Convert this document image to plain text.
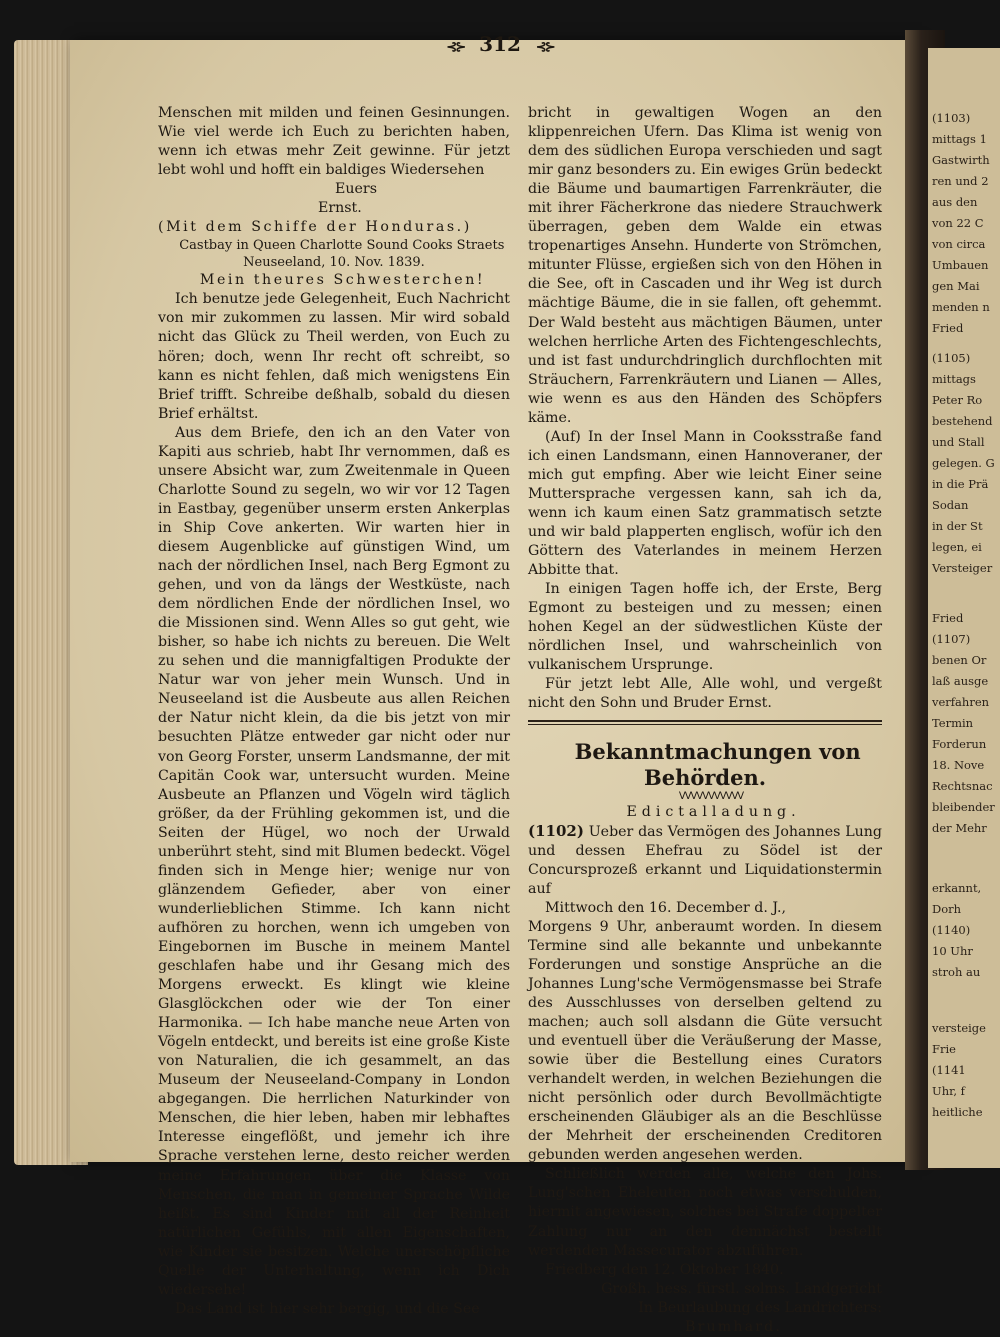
(1103)
mittags 1
Gastwirth
ren und 2
aus den
von 22 C
von circa
Umbauen
gen Mai
menden n
Fried
(1105)
mittags
Peter Ro
bestehend
und Stall
gelegen. G
in die Prä
Sodan
in der St
legen, ei
Versteiger
Fried
(1107)
benen Or
laß ausge
verfahren
Termin
Forderun
18. Nove
Rechtsnac
bleibender
der Mehr
erkannt,
Dorh
(1140)
10 Uhr
stroh au
versteige
Frie
(1141
Uhr, f
heitliche
⊰⊱ 312 ⊰⊱

Menschen mit milden und feinen Gesinnungen. Wie viel werde ich Euch zu berichten haben, wenn ich etwas mehr Zeit gewinne. Für jetzt lebt wohl und hofft ein baldiges Wiedersehen

EuersErnst.

(Mit dem Schiffe der Honduras.)

Castbay in Queen Charlotte Sound Cooks Straets Neuseeland, 10. Nov. 1839.

Mein theures Schwesterchen!

Ich benutze jede Gelegenheit, Euch Nachricht von mir zukommen zu lassen. Mir wird sobald nicht das Glück zu Theil werden, von Euch zu hören; doch, wenn Ihr recht oft schreibt, so kann es nicht fehlen, daß mich wenigstens Ein Brief trifft. Schreibe deßhalb, sobald du diesen Brief erhältst.

Aus dem Briefe, den ich an den Vater von Kapiti aus schrieb, habt Ihr vernommen, daß es unsere Absicht war, zum Zweitenmale in Queen Charlotte Sound zu segeln, wo wir vor 12 Tagen in Eastbay, gegenüber unserm ersten Ankerplas in Ship Cove ankerten. Wir warten hier in diesem Augenblicke auf günstigen Wind, um nach der nördlichen Insel, nach Berg Egmont zu gehen, und von da längs der Westküste, nach dem nördlichen Ende der nördlichen Insel, wo die Missionen sind. Wenn Alles so gut geht, wie bisher, so habe ich nichts zu bereuen. Die Welt zu sehen und die mannigfaltigen Produkte der Natur war von jeher mein Wunsch. Und in Neuseeland ist die Ausbeute aus allen Reichen der Natur nicht klein, da die bis jetzt von mir besuchten Plätze entweder gar nicht oder nur von Georg Forster, unserm Landsmanne, der mit Capitän Cook war, untersucht wurden. Meine Ausbeute an Pflanzen und Vögeln wird täglich größer, da der Frühling gekommen ist, und die Seiten der Hügel, wo noch der Urwald unberührt steht, sind mit Blumen bedeckt. Vögel finden sich in Menge hier; wenige nur von glänzendem Gefieder, aber von einer wunderlieblichen Stimme. Ich kann nicht aufhören zu horchen, wenn ich umgeben von Eingebornen im Busche in meinem Mantel geschlafen habe und ihr Gesang mich des Morgens erweckt. Es klingt wie kleine Glasglöckchen oder wie der Ton einer Harmonika. — Ich habe manche neue Arten von Vögeln entdeckt, und bereits ist eine große Kiste von Naturalien, die ich gesammelt, an das Museum der Neuseeland-Company in London abgegangen. Die herrlichen Naturkinder von Menschen, die hier leben, haben mir lebhaftes Interesse eingeflößt, und jemehr ich ihre Sprache verstehen lerne, desto reicher werden meine Erfahrungen über die Klasse von Menschen, die man in gemeiner Sprache Wilde heißt. Es sind Kinder mit all der Reinheit natürlichen Gefühls, mit allen Eigenschaften, wie Kinder sie besitzen. Welche unerschöpfliche Quelle der Unterhaltung, wenn ich Dich wiedersehe!

Das Land ist hier sehr bergig, und die See

bricht in gewaltigen Wogen an den klippenreichen Ufern. Das Klima ist wenig von dem des südlichen Europa verschieden und sagt mir ganz besonders zu. Ein ewiges Grün bedeckt die Bäume und baumartigen Farrenkräuter, die mit ihrer Fächerkrone das niedere Strauchwerk überragen, geben dem Walde ein etwas tropenartiges Ansehn. Hunderte von Strömchen, mitunter Flüsse, ergießen sich von den Höhen in die See, oft in Cascaden und ihr Weg ist durch mächtige Bäume, die in sie fallen, oft gehemmt. Der Wald besteht aus mächtigen Bäumen, unter welchen herrliche Arten des Fichtengeschlechts, und ist fast undurchdringlich durchflochten mit Sträuchern, Farrenkräutern und Lianen — Alles, wie wenn es aus den Händen des Schöpfers käme.

(Auf) In der Insel Mann in Cooksstraße fand ich einen Landsmann, einen Hannoveraner, der mich gut empfing. Aber wie leicht Einer seine Muttersprache vergessen kann, sah ich da, wenn ich kaum einen Satz grammatisch setzte und wir bald plapperten englisch, wofür ich den Göttern des Vaterlandes in meinem Herzen Abbitte that.

In einigen Tagen hoffe ich, der Erste, Berg Egmont zu besteigen und zu messen; einen hohen Kegel an der südwestlichen Küste der nördlichen Insel, und wahrscheinlich von vulkanischem Ursprunge.

Für jetzt lebt Alle, Alle wohl, und vergeßt nicht den Sohn und Bruder Ernst.

Bekanntmachungen von Behörden.

ᐯᐯᐯᐯᐯᐯᐯᐯᐯᐯᐯ

Edictalladung.

(1102) Ueber das Vermögen des Johannes Lung und dessen Ehefrau zu Södel ist der Concursprozeß erkannt und Liquidationstermin auf

Mittwoch den 16. December d. J.,

Morgens 9 Uhr, anberaumt worden. In diesem Termine sind alle bekannte und unbekannte Forderungen und sonstige Ansprüche an die Johannes Lung'sche Vermögensmasse bei Strafe des Ausschlusses von derselben geltend zu machen; auch soll alsdann die Güte versucht und eventuell über die Veräußerung der Masse, sowie über die Bestellung eines Curators verhandelt werden, in welchen Beziehungen die nicht persönlich oder durch Bevollmächtigte erscheinenden Gläubiger als an die Beschlüsse der Mehrheit der erscheinenden Creditoren gebunden werden angesehen werden.

Schließlich werden alle, welche den Johs. Lung'schen Eheleuten noch etwas verschulden, hiermit angewiesen, solches bei Strafe doppelter Zahlung nur an den demnächst bestellt werdenden Massecurator abzuführen.

Friedberg den 12. Oktober 1840.

Großh. hess. fürstl. solms. Landgericht

In Beurlaubung des Landrichters:

Brumhard.
